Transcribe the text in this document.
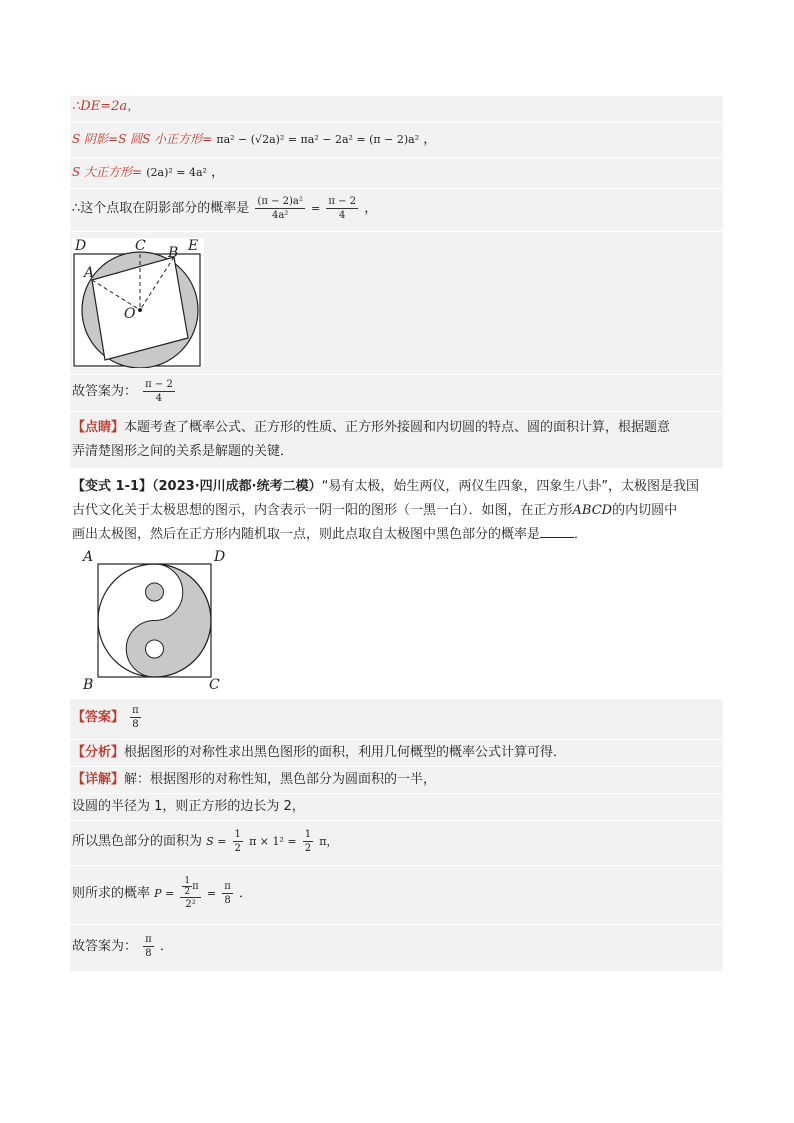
∴DE=2a，
S 阴影=S 圆S 小正方形= πa² − (√2a)² = πa² − 2a² = (π − 2)a² ，
S 大正方形= (2a)² = 4a² ，
∴这个点取在阴影部分的概率是 $\frac{\text{(π − 2)a²}}{\text{4a²}} = \frac{\pi - 2}{4}$ ，
D	C B E
A
O
故答案为： $\frac{\pi - 2}{4}$
【点睛】本题考查了概率公式、正方形的性质、正方形外接圆和内切圆的特点、圆的面积计算，根据题意
弄清楚图形之间的关系是解题的关键．
【变式 1-1】（2023·四川成都·统考二模）“易有太极，始生两仪，两仪生四象，四象生八卦”，太极图是我国
古代文化关于太极思想的图示，内含表示一阴一阳的图形（一黑一白）．如图，在正方形ABCD的内切圆中
画出太极图，然后在正方形内随机取一点，则此点取自太极图中黑色部分的概率是	．
A	D
B	C
【答案】 $\frac{\pi}{8}$
【分析】根据图形的对称性求出黑色图形的面积，利用几何概型的概率公式计算可得．
【详解】解：根据图形的对称性知，黑色部分为圆面积的一半，
设圆的半径为 1，则正方形的边长为 2，
所以黑色部分的面积为 $S = \frac{1}{2}$ $\pi \times 1^2 = \frac{1}{2}$ π，
则所求的概率 $P = \frac{\frac{1}{2} \pi}{\text{2²}} = \frac{\pi}{8}$ ．
故答案为： $\frac{\pi}{8}$ ．
